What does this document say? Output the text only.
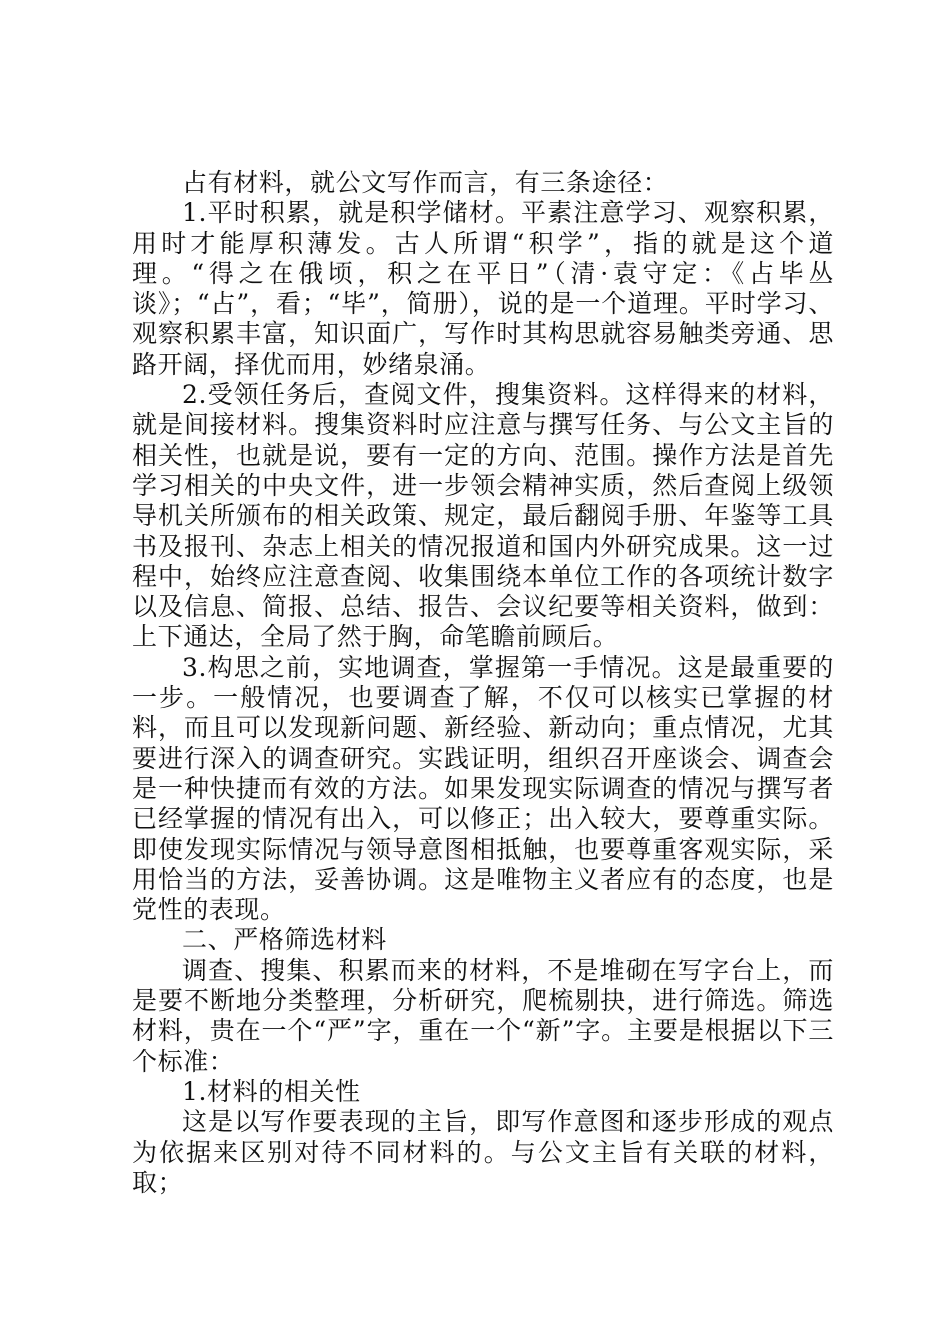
占有材料，就公文写作而言，有三条途径：

1.平时积累，就是积学储材。平素注意学习、观察积累，用时才能厚积薄发。古人所谓“积学”，指的就是这个道理。“得之在俄顷，积之在平日”（清·袁守定：《占毕丛谈》；“占”，看；“毕”，简册），说的是一个道理。平时学习、观察积累丰富，知识面广，写作时其构思就容易触类旁通、思路开阔，择优而用，妙绪泉涌。

2.受领任务后，查阅文件，搜集资料。这样得来的材料，就是间接材料。搜集资料时应注意与撰写任务、与公文主旨的相关性，也就是说，要有一定的方向、范围。操作方法是首先学习相关的中央文件，进一步领会精神实质，然后查阅上级领导机关所颁布的相关政策、规定，最后翻阅手册、年鉴等工具书及报刊、杂志上相关的情况报道和国内外研究成果。这一过程中，始终应注意查阅、收集围绕本单位工作的各项统计数字以及信息、简报、总结、报告、会议纪要等相关资料，做到：上下通达，全局了然于胸，命笔瞻前顾后。

3.构思之前，实地调查，掌握第一手情况。这是最重要的一步。一般情况，也要调查了解，不仅可以核实已掌握的材料，而且可以发现新问题、新经验、新动向；重点情况，尤其要进行深入的调查研究。实践证明，组织召开座谈会、调查会是一种快捷而有效的方法。如果发现实际调查的情况与撰写者已经掌握的情况有出入，可以修正；出入较大，要尊重实际。即使发现实际情况与领导意图相抵触，也要尊重客观实际，采用恰当的方法，妥善协调。这是唯物主义者应有的态度，也是党性的表现。

二、严格筛选材料

调查、搜集、积累而来的材料，不是堆砌在写字台上，而是要不断地分类整理，分析研究，爬梳剔抉，进行筛选。筛选材料，贵在一个“严”字，重在一个“新”字。主要是根据以下三个标准：

1.材料的相关性

这是以写作要表现的主旨，即写作意图和逐步形成的观点为依据来区别对待不同材料的。与公文主旨有关联的材料，取；
